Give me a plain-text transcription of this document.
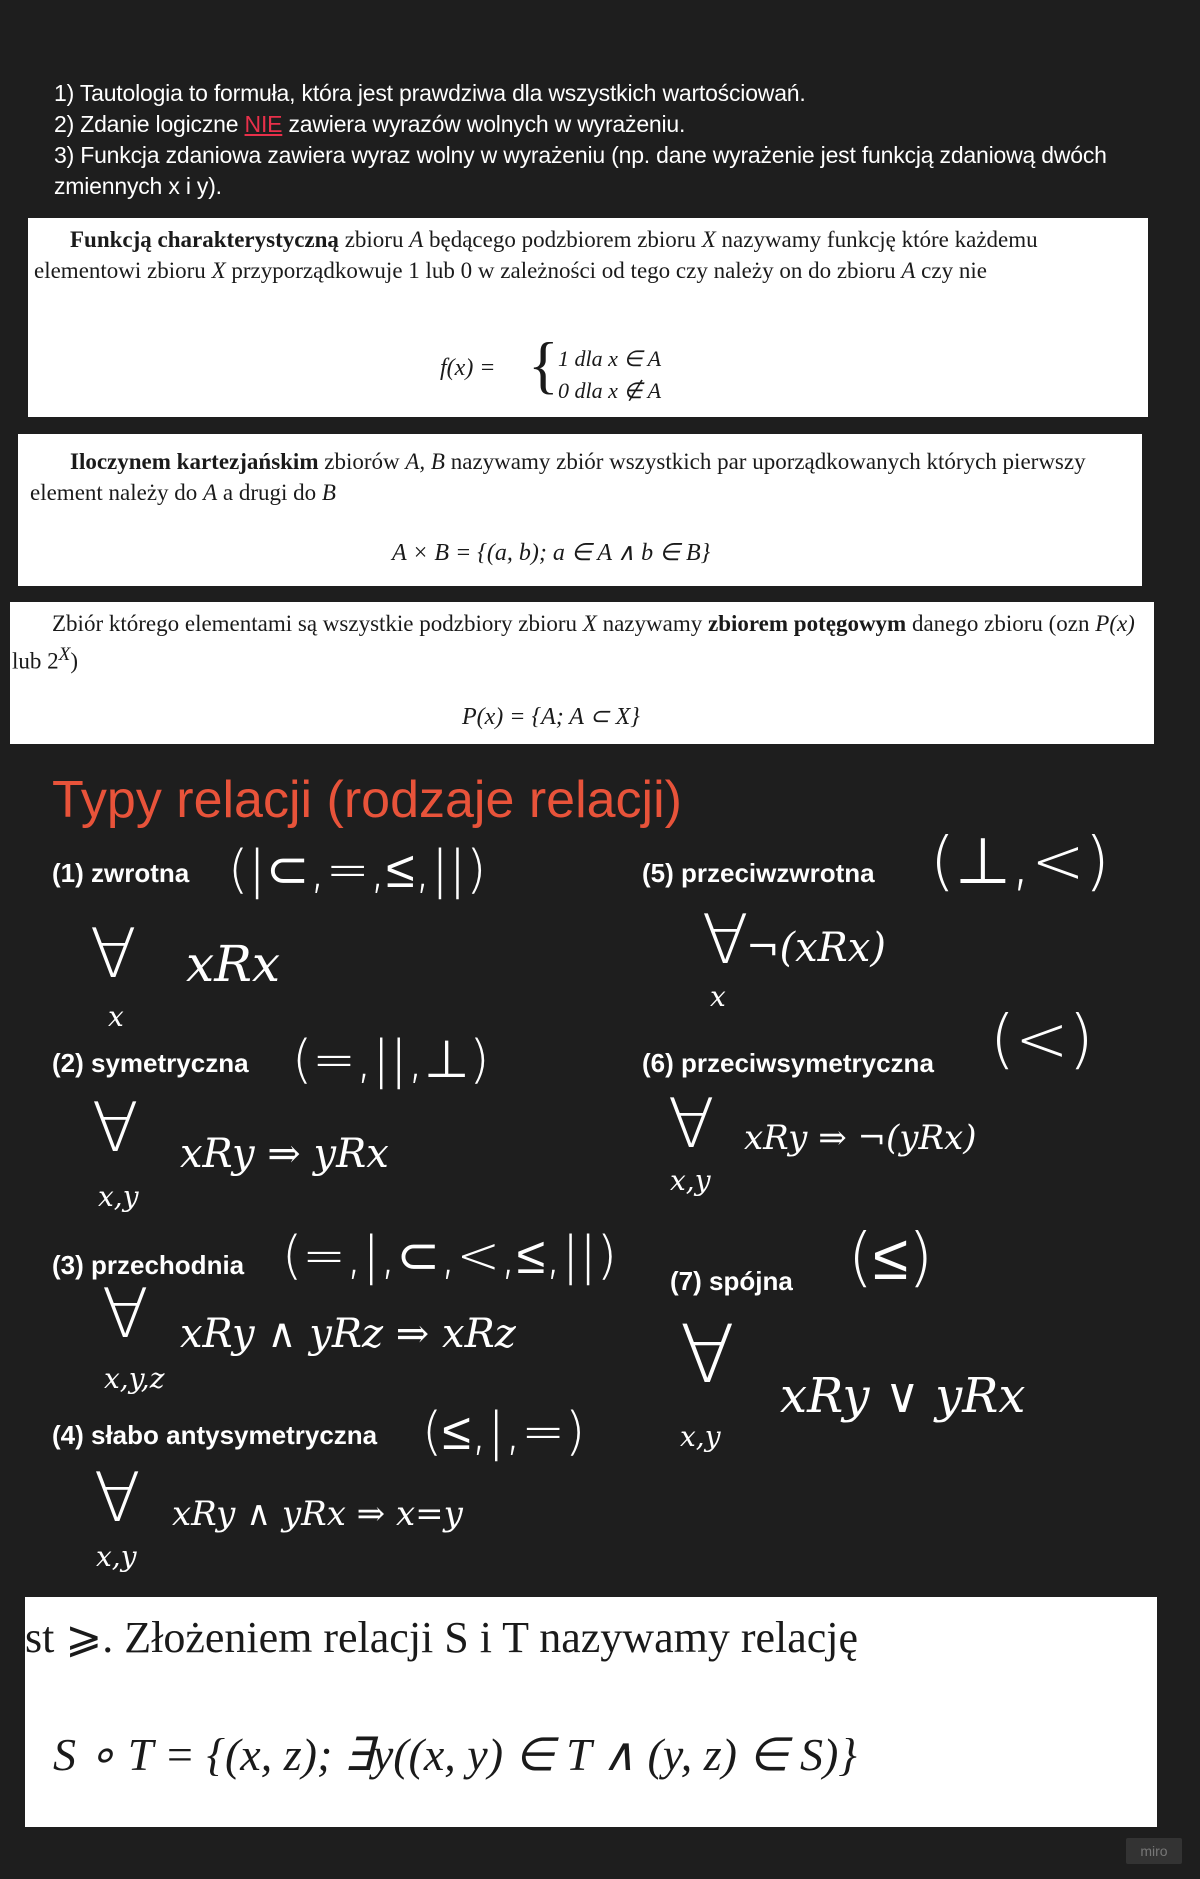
1) Tautologia to formuła, która jest prawdziwa dla wszystkich wartościowań.

2) Zdanie logiczne NIE zawiera wyrazów wolnych w wyrażeniu.

3) Funkcja zdaniowa zawiera wyraz wolny w wyrażeniu (np. dane wyrażenie jest funkcją zdaniową dwóch zmiennych x i y).

Funkcją charakterystyczną zbioru A będącego podzbiorem zbioru X nazywamy funkcję które każdemu elementowi zbioru X przyporządkowuje 1 lub 0 w zależności od tego czy należy on do zbioru A czy nie
f(x) = { 1 dla x ∈ A
0 dla x ∉ A
Iloczynem kartezjańskim zbiorów A, B nazywamy zbiór wszystkich par uporządkowanych których pierwszy element należy do A a drugi do B
A × B = {(a, b); a ∈ A ∧ b ∈ B}
Zbiór którego elementami są wszystkie podzbiory zbioru X nazywamy zbiorem potęgowym danego zbioru (ozn P(x) lub $2^X$)
P(x) = {A; A ⊂ X}
Typy relacji (rodzaje relacji)
(1) zwrotna (|⊂,=,≤,||)
∀
x
xRx
(2) symetryczna (=,||,⊥)
∀
x,y
xRy ⇒ yRx
(3) przechodnia (=,|,⊂,<,≤,||)
∀
x,y,z
xRy ∧ yRz ⇒ xRz
(4) słabo antysymetryczna (≤,|,=)
∀
x,y
xRy ∧ yRx ⇒ x=y
(5) przeciwzwrotna (⊥,<)
∀
x
¬(xRx)
(6) przeciwsymetryczna (<)
∀
x,y
xRy ⇒ ¬(yRx)
(7) spójna (≤)
∀
x,y
xRy ∨ yRx
st ⩾. Złożeniem relacji S i T nazywamy relację
S ∘ T = {(x, z); ∃y((x, y) ∈ T ∧ (y, z) ∈ S)}
miro
